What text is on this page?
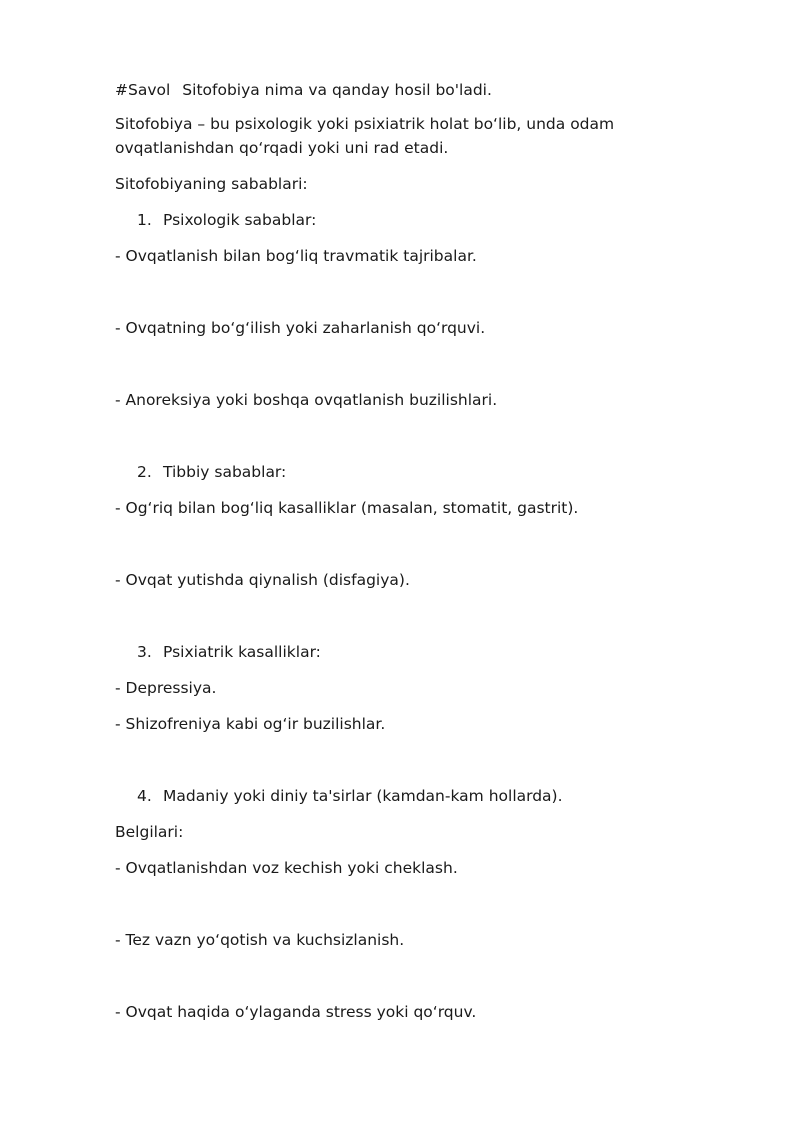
#Savol Sitofobiya nima va qanday hosil bo'ladi.
Sitofobiya – bu psixologik yoki psixiatrik holat bo‘lib, unda odam ovqatlanishdan qo‘rqadi yoki uni rad etadi.
Sitofobiyaning sabablari:
1. Psixologik sabablar:
- Ovqatlanish bilan bog‘liq travmatik tajribalar.
- Ovqatning bo‘g‘ilish yoki zaharlanish qo‘rquvi.
- Anoreksiya yoki boshqa ovqatlanish buzilishlari.
2. Tibbiy sabablar:
- Og‘riq bilan bog‘liq kasalliklar (masalan, stomatit, gastrit).
- Ovqat yutishda qiynalish (disfagiya).
3. Psixiatrik kasalliklar:
- Depressiya.
- Shizofreniya kabi og‘ir buzilishlar.
4. Madaniy yoki diniy ta'sirlar (kamdan-kam hollarda).
Belgilari:
- Ovqatlanishdan voz kechish yoki cheklash.
- Tez vazn yo‘qotish va kuchsizlanish.
- Ovqat haqida o‘ylaganda stress yoki qo‘rquv.
